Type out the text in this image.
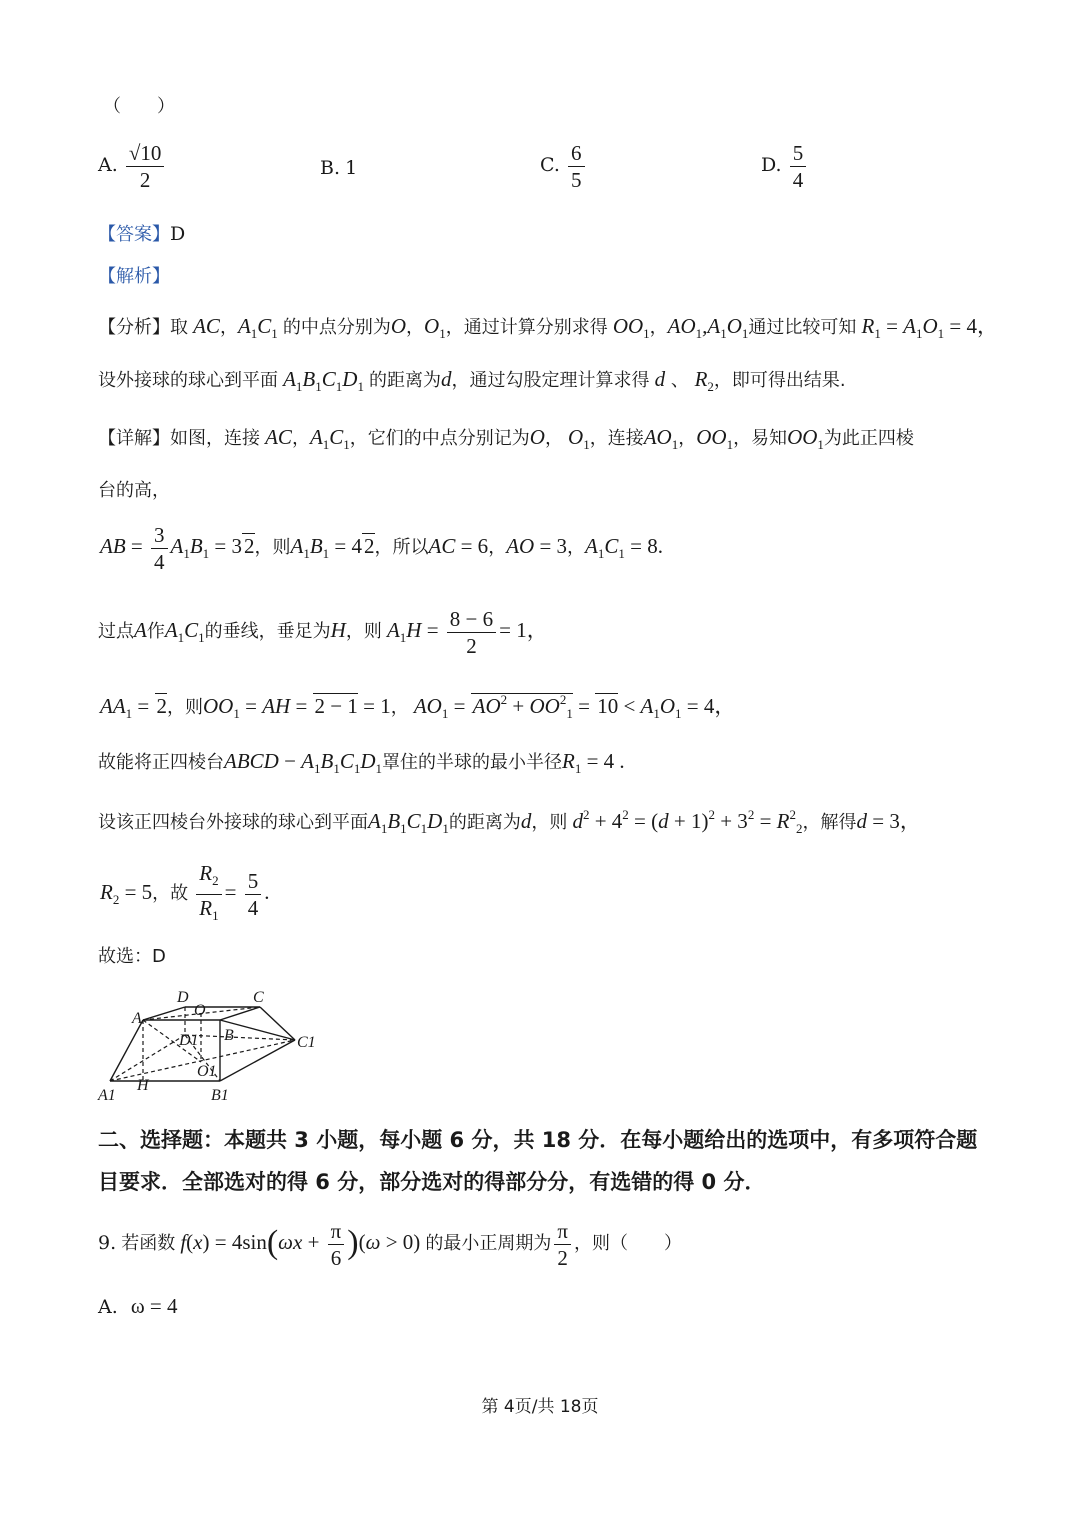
（　　）
A. $\frac{√10}{2}$	B. 1	C. $\frac{6}{5}$	D. $\frac{5}{4}$
【答案】D
【解析】
【分析】取 AC，$A_1C_1$ 的中点分别为O，$O_1$，通过计算分别求得 $OO_1$，$AO_1,A_1O_1$通过比较可知 $R_1 = A_1O_1 = 4$，
设外接球的球心到平面 $A_1B_1C_1D_1$ 的距离为d，通过勾股定理计算求得 d 、 $R_2$，即可得出结果.
【详解】如图，连接 AC，$A_1C_1$，它们的中点分别记为O， $O_1$，连接$AO_1$，$OO_1$，易知$OO_1$为此正四棱
台的高，
AB = $\frac{3}{4} A_1B_1 = 32$，则$A_1B_1 = 42$，所以AC = 6，AO = 3，$A_1C_1 = 8$.
过点A作$A_1C_1$的垂线，垂足为H，则 $A_1H = \frac{8 - 6}{2} = 1$，
$AA_1 = 2$，则$OO_1$ = AH = 2 − 1 = 1， $AO_1 = AO^2 + OO^2_1 = 10 < A_1O_1 = 4$，
故能将正四棱台ABCD − $A_1B_1C_1D_1$罩住的半球的最小半径$R_1 = 4$ .
设该正四棱台外接球的球心到平面$A_1B_1C_1D_1$的距离为d，则 $d^2 + 4^2 = (d + 1)^2 + 3^2 = R^2_2$，解得d = 3，
$R_2 = 5$，故 $\frac{R_2}{R_1} = \frac{5}{4}$ .
故选：D
A
D
O
C
D1 B	C1
O1
A1
H
B1
二、选择题：本题共 3 小题，每小题 6 分，共 18 分．在每小题给出的选项中，有多项符合题
目要求．全部选对的得 6 分，部分选对的得部分分，有选错的得 0 分．
9. 若函数 $f(x) = 4\sin(\omega x + \frac{\pi}{6} )(\omega > 0)$ 的最小正周期为 $\frac{\pi}{2}$ ，则（　　）
A. ω = 4
第 4页/共 18页
